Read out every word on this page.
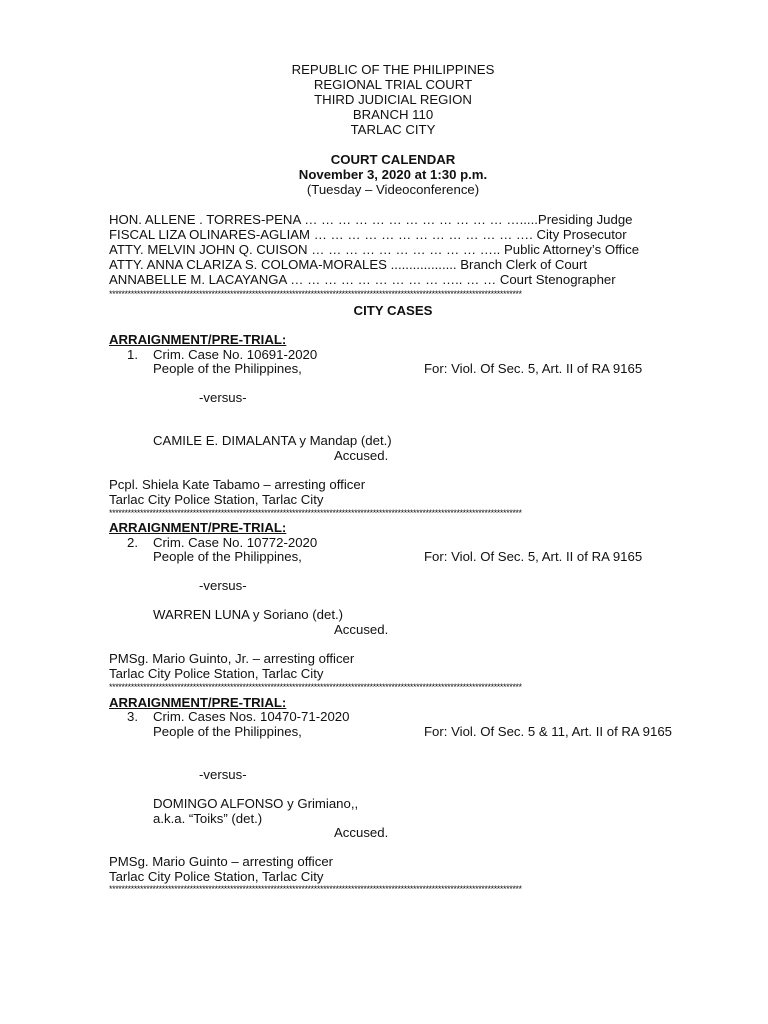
REPUBLIC OF THE PHILIPPINES
REGIONAL TRIAL COURT
THIRD JUDICIAL REGION
BRANCH 110
TARLAC CITY
COURT CALENDAR
November 3, 2020 at 1:30 p.m.
(Tuesday – Videoconference)
HON. ALLENE . TORRES-PENA … … … … … … … … … … … … ….....Presiding Judge
FISCAL LIZA OLINARES-AGLIAM … … … … … … … … … … … … …. City Prosecutor
ATTY. MELVIN JOHN Q. CUISON … … … … … … … … … … ….. Public Attorney’s Office
ATTY. ANNA CLARIZA S. COLOMA-MORALES .................. Branch Clerk of Court
ANNABELLE M. LACAYANGA … … … … … … … … … ….. … … Court Stenographer
*************************************************************************************************************************************
CITY CASES
ARRAIGNMENT/PRE-TRIAL:
1. Crim. Case No. 10691-2020
People of the Philippines,	For: Viol. Of Sec. 5, Art. II of RA 9165
-versus-
CAMILE E. DIMALANTA y Mandap (det.)
Accused.
Pcpl. Shiela Kate Tabamo – arresting officer
Tarlac City Police Station, Tarlac City
*************************************************************************************************************************************
ARRAIGNMENT/PRE-TRIAL:
2. Crim. Case No. 10772-2020
People of the Philippines,	For: Viol. Of Sec. 5, Art. II of RA 9165
-versus-
WARREN LUNA y Soriano (det.)
Accused.
PMSg. Mario Guinto, Jr. – arresting officer
Tarlac City Police Station, Tarlac City
*************************************************************************************************************************************
ARRAIGNMENT/PRE-TRIAL:
3. Crim. Cases Nos. 10470-71-2020
People of the Philippines,	For: Viol. Of Sec. 5 & 11, Art. II of RA 9165
-versus-
DOMINGO ALFONSO y Grimiano,,
a.k.a. “Toiks” (det.)
Accused.
PMSg. Mario Guinto – arresting officer
Tarlac City Police Station, Tarlac City
*************************************************************************************************************************************
